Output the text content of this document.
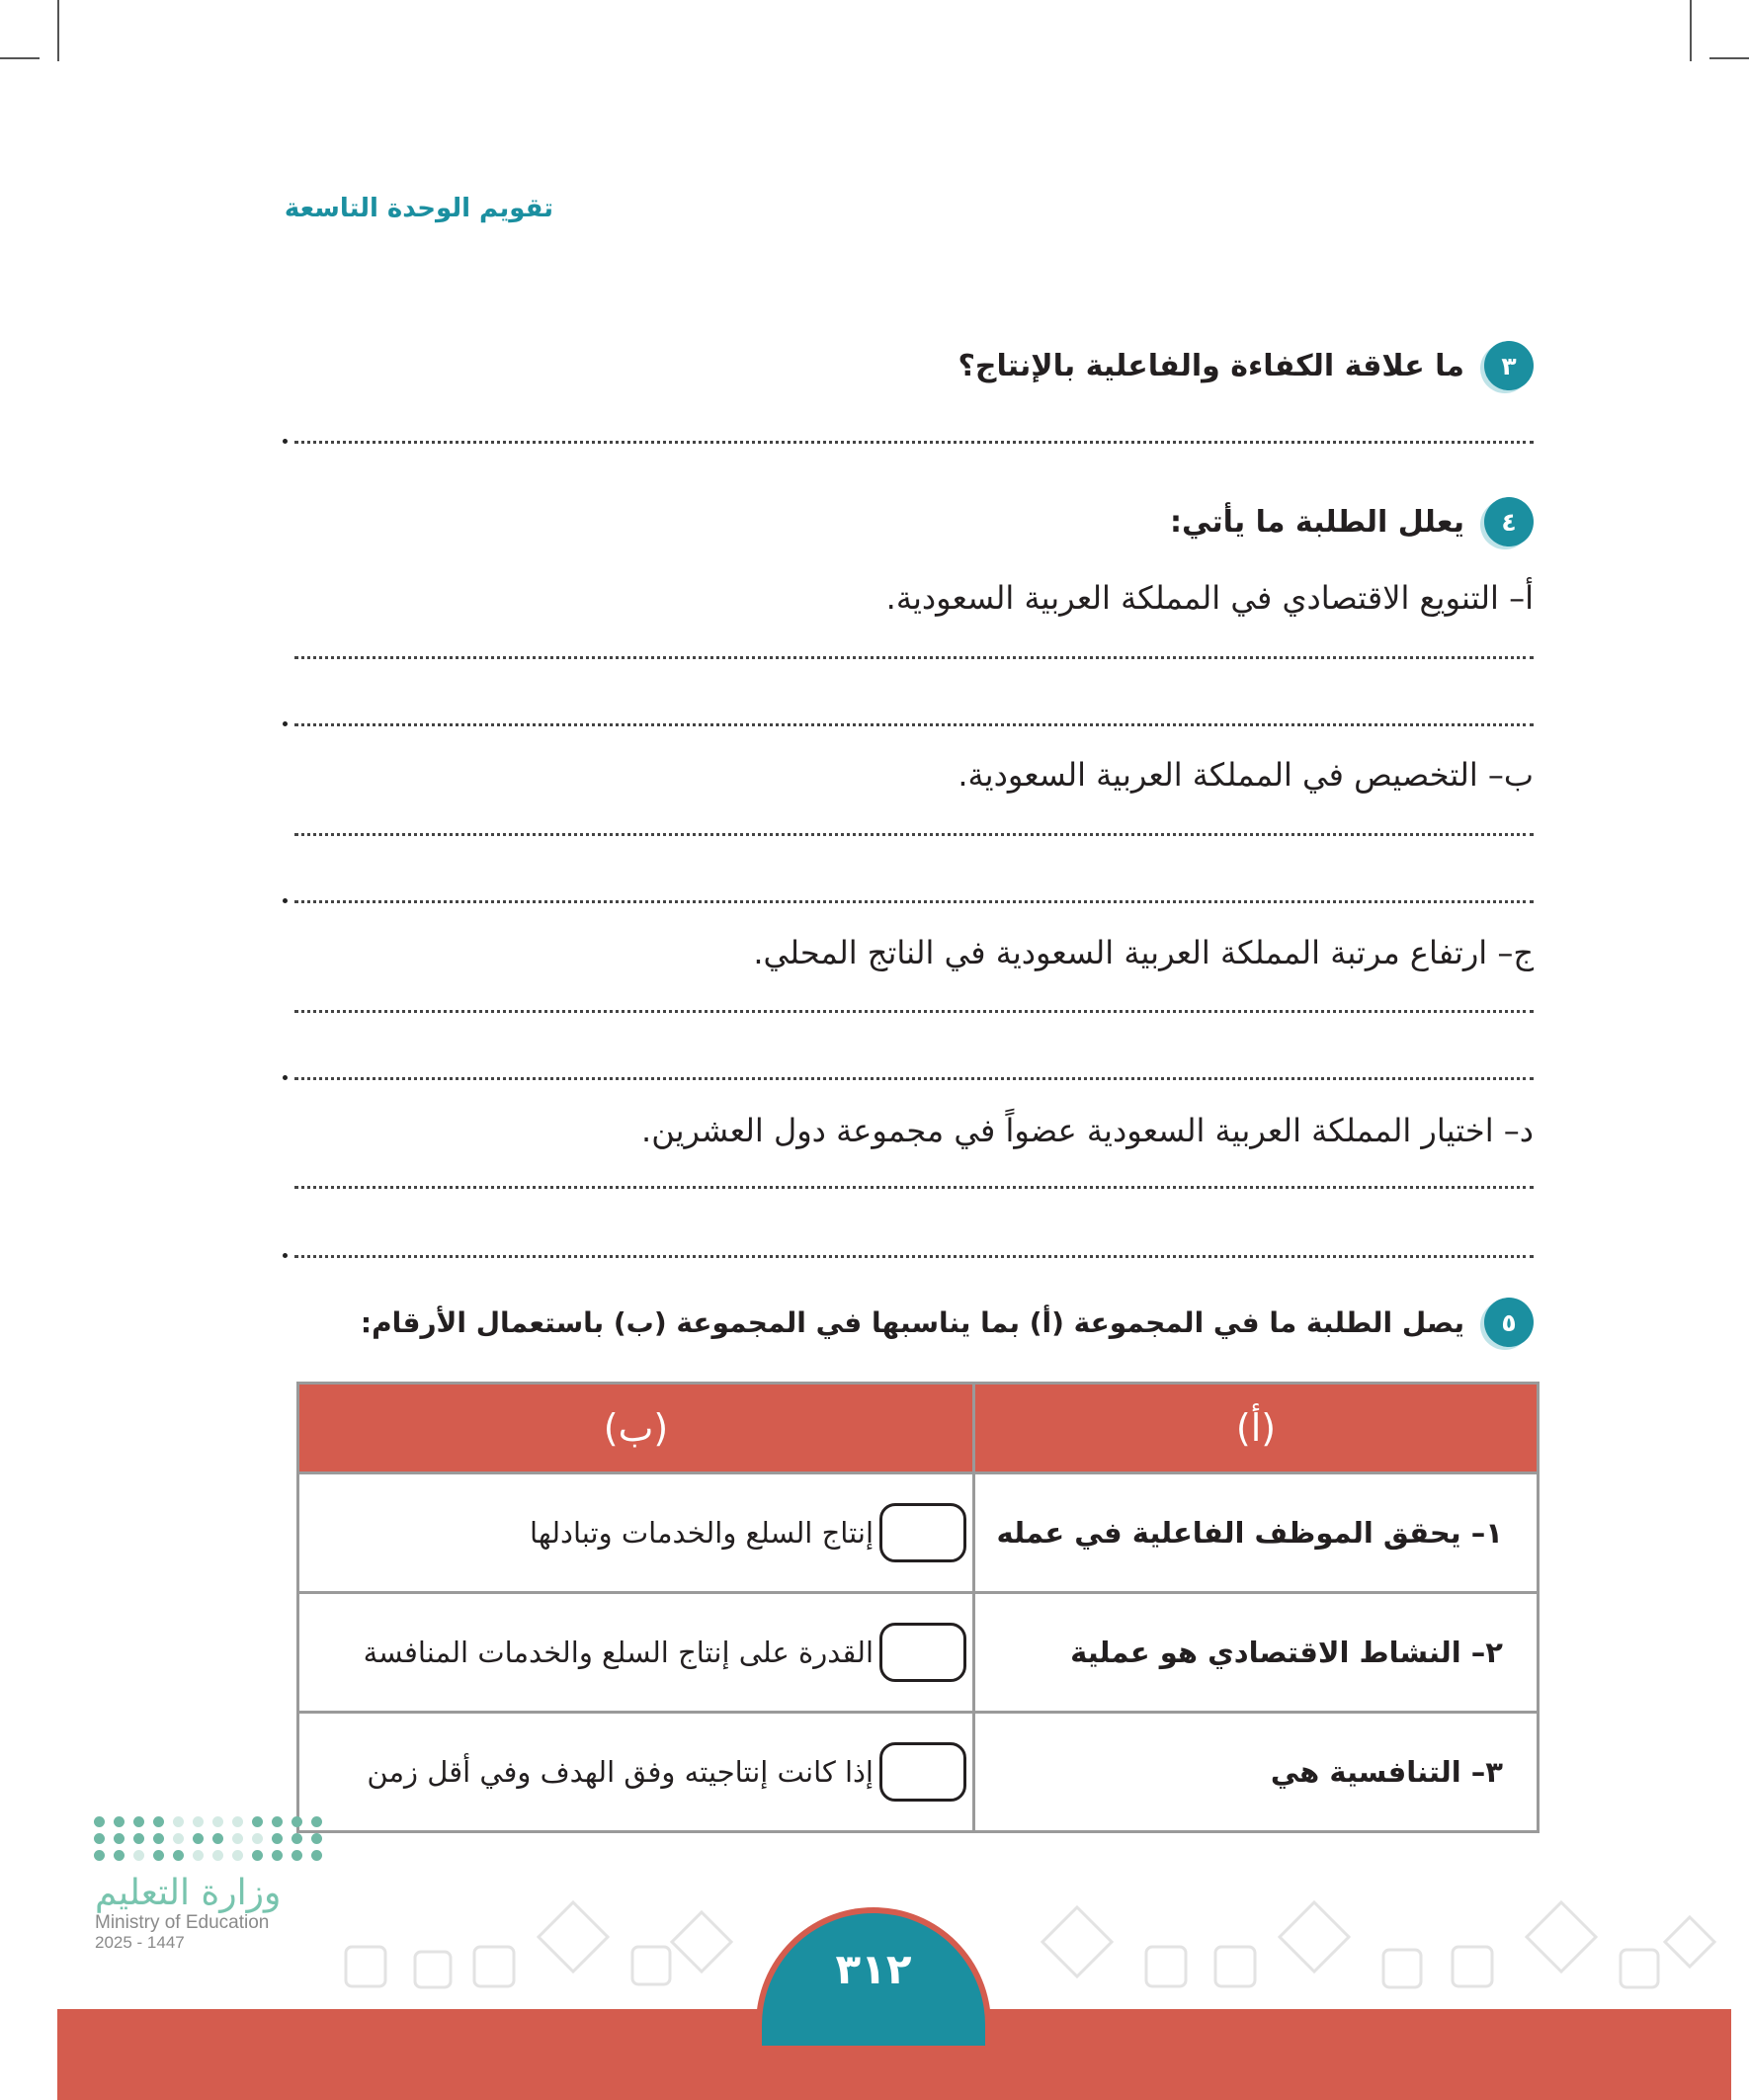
تقويم الوحدة التاسعة
٣
ما علاقة الكفاءة والفاعلية بالإنتاج؟
٤
يعلل الطلبة ما يأتي:
أ– التنويع الاقتصادي في المملكة العربية السعودية.
ب– التخصيص في المملكة العربية السعودية.
ج– ارتفاع مرتبة المملكة العربية السعودية في الناتج المحلي.
د– اختيار المملكة العربية السعودية عضواً في مجموعة دول العشرين.
٥
يصل الطلبة ما في المجموعة (أ) بما يناسبها في المجموعة (ب) باستعمال الأرقام:
(أ)	(ب)
١– يحقق الموظف الفاعلية في عمله	إنتاج السلع والخدمات وتبادلها

٢– النشاط الاقتصادي هو عملية	القدرة على إنتاج السلع والخدمات المنافسة

٣– التنافسية هي	إذا كانت إنتاجيته وفق الهدف وفي أقل زمن
وزارة التعليم
Ministry of Education
2025 - 1447
٣١٢
